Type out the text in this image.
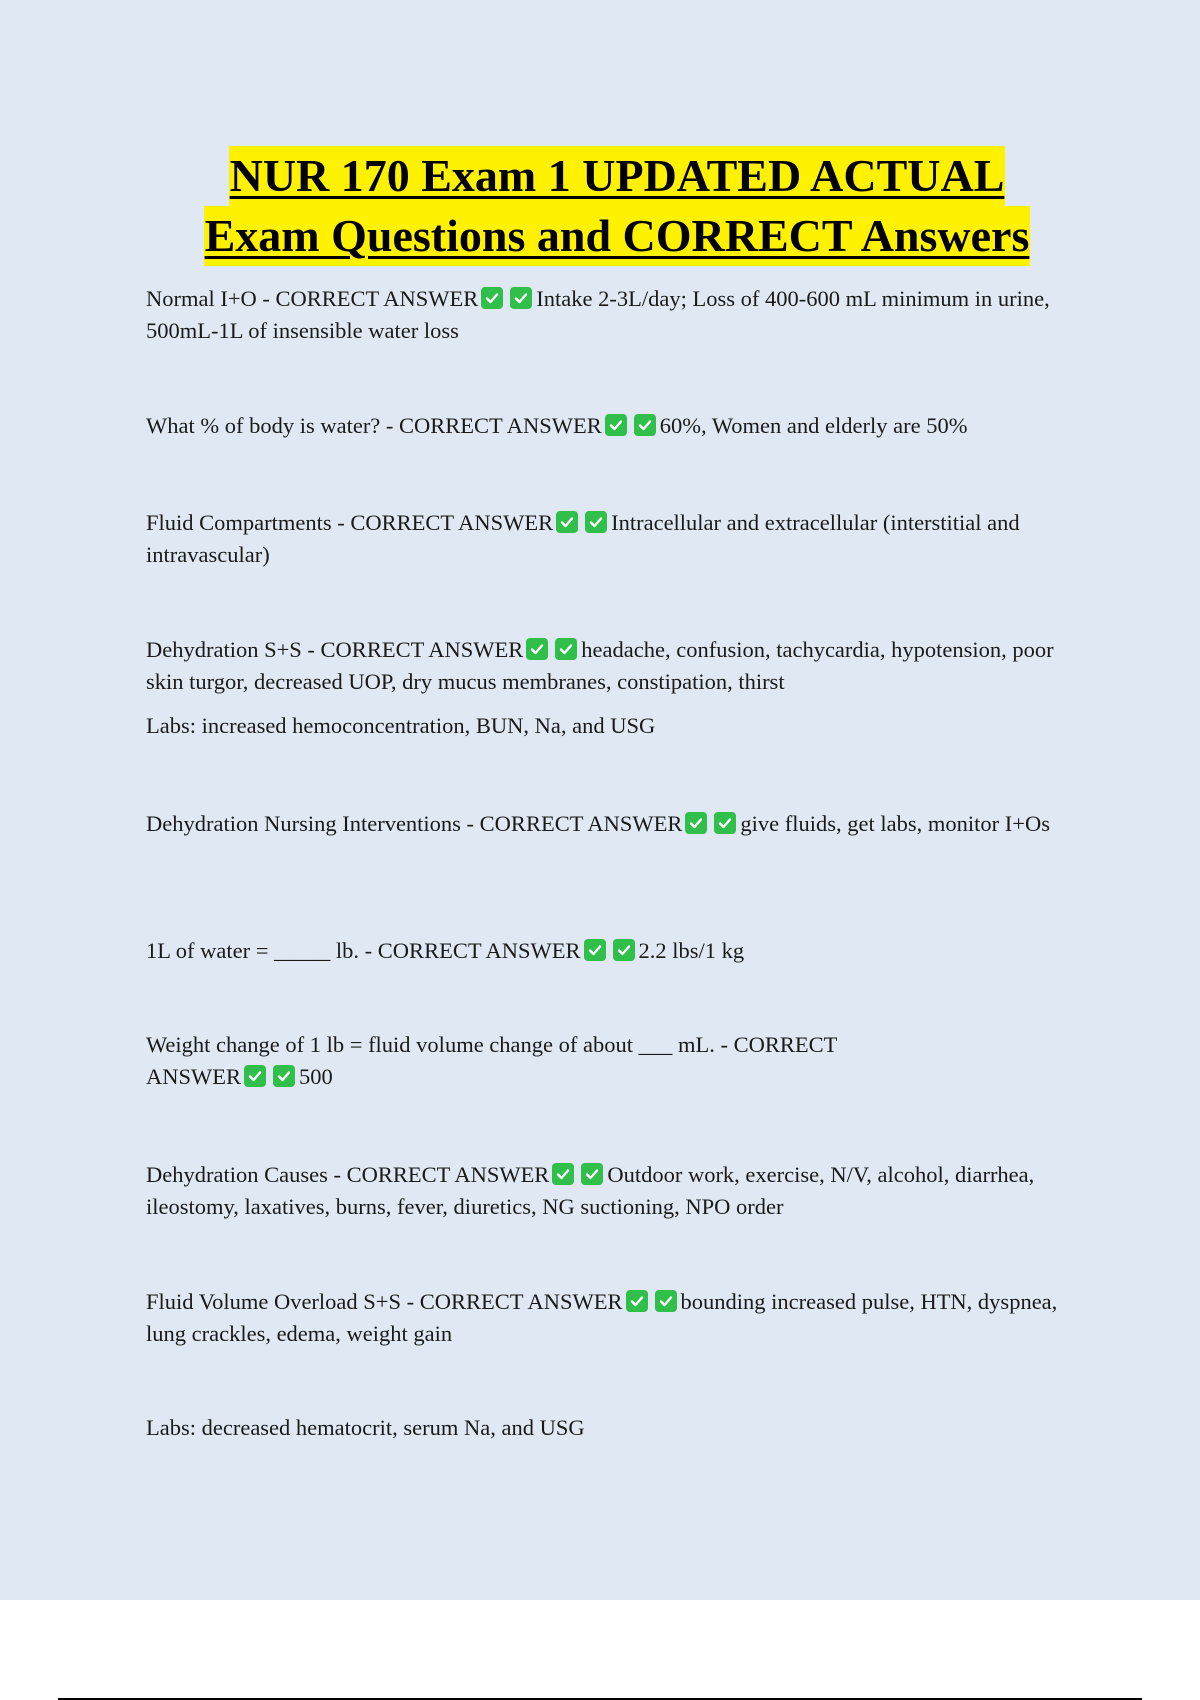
NUR 170 Exam 1 UPDATED ACTUAL
Exam Questions and CORRECT Answers

Normal I+O - CORRECT ANSWER	Intake 2-3L/day; Loss of 400-600 mL minimum in urine, 500mL-1L of insensible water loss

What % of body is water? - CORRECT ANSWER	60%, Women and elderly are 50%

Fluid Compartments - CORRECT ANSWER	Intracellular and extracellular (interstitial and intravascular)

Dehydration S+S - CORRECT ANSWER	headache, confusion, tachycardia, hypotension, poor skin turgor, decreased UOP, dry mucus membranes, constipation, thirst

Labs: increased hemoconcentration, BUN, Na, and USG

Dehydration Nursing Interventions - CORRECT ANSWER	give fluids, get labs, monitor I+Os

1L of water = _____ lb. - CORRECT ANSWER	2.2 lbs/1 kg

Weight change of 1 lb = fluid volume change of about ___ mL. - CORRECT ANSWER	500

Dehydration Causes - CORRECT ANSWER	Outdoor work, exercise, N/V, alcohol, diarrhea, ileostomy, laxatives, burns, fever, diuretics, NG suctioning, NPO order

Fluid Volume Overload S+S - CORRECT ANSWER	bounding increased pulse, HTN, dyspnea, lung crackles, edema, weight gain

Labs: decreased hematocrit, serum Na, and USG
